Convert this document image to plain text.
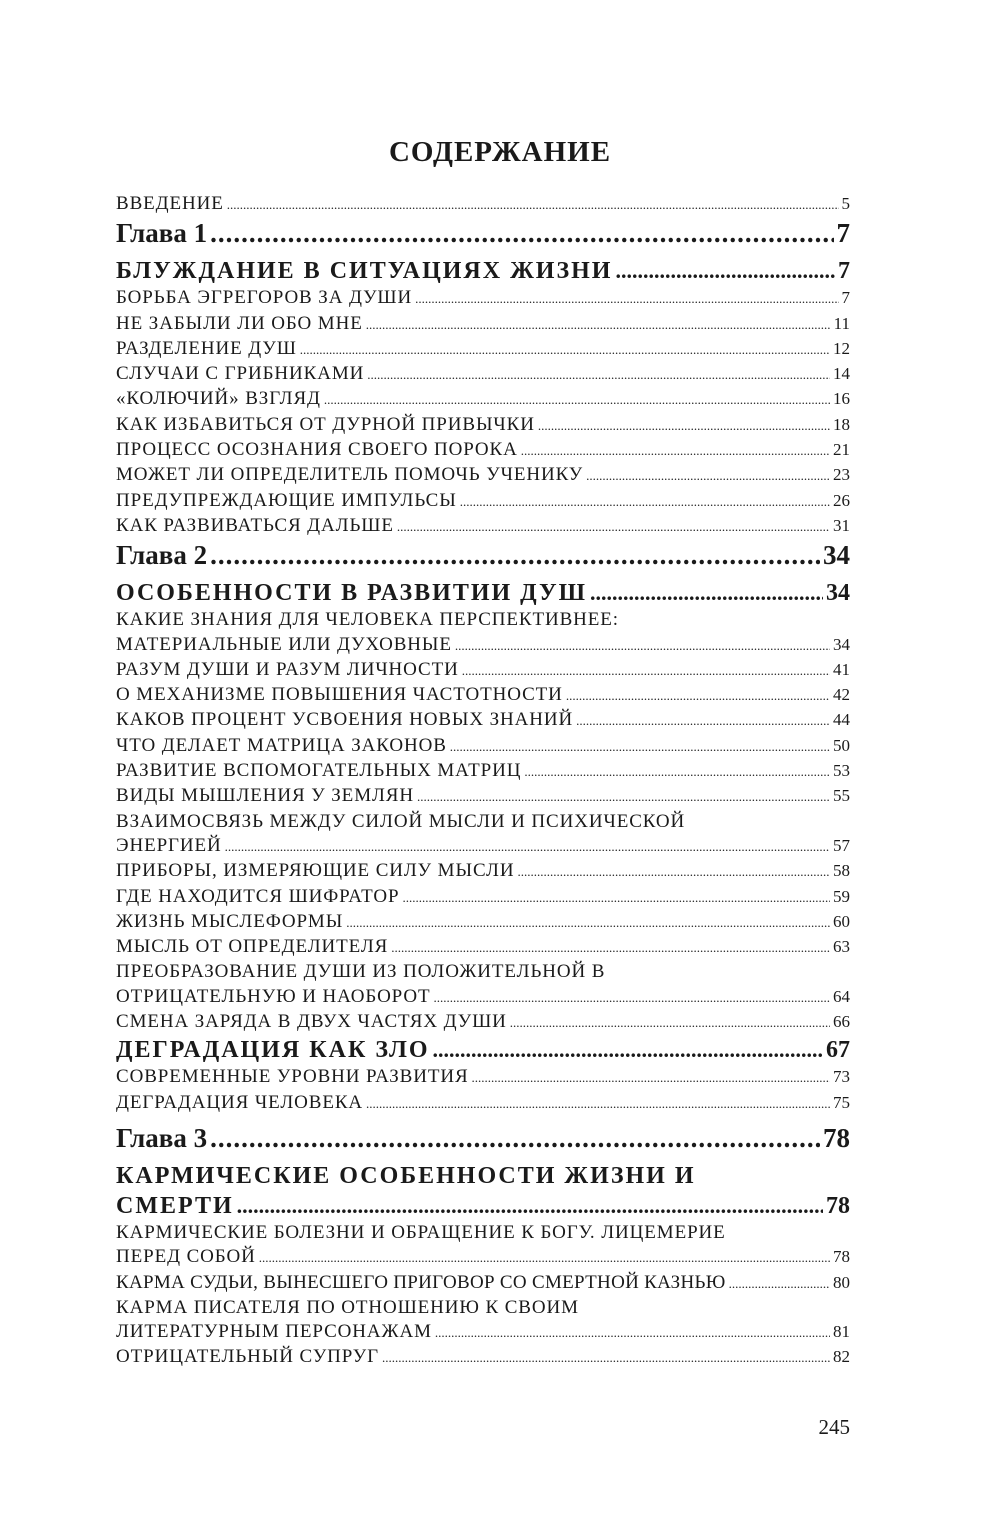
СОДЕРЖАНИЕ
ВВЕДЕНИЕ .....	5
Глава 1 .....	7
БЛУЖДАНИЕ В СИТУАЦИЯХ ЖИЗНИ .....	7
БОРЬБА ЭГРЕГОРОВ ЗА ДУШИ .....	7
НЕ ЗАБЫЛИ ЛИ ОБО МНЕ .....	11
РАЗДЕЛЕНИЕ ДУШ .....	12
СЛУЧАИ С ГРИБНИКАМИ .....	14
«КОЛЮЧИЙ» ВЗГЛЯД .....	16
КАК ИЗБАВИТЬСЯ ОТ ДУРНОЙ ПРИВЫЧКИ .....	18
ПРОЦЕСС ОСОЗНАНИЯ СВОЕГО ПОРОКА .....	21
МОЖЕТ ЛИ ОПРЕДЕЛИТЕЛЬ ПОМОЧЬ УЧЕНИКУ .....	23
ПРЕДУПРЕЖДАЮЩИЕ ИМПУЛЬСЫ .....	26
КАК РАЗВИВАТЬСЯ ДАЛЬШЕ .....	31
Глава 2 .....	34
ОСОБЕННОСТИ В РАЗВИТИИ ДУШ .....	34
КАКИЕ ЗНАНИЯ ДЛЯ ЧЕЛОВЕКА ПЕРСПЕКТИВНЕЕ:
МАТЕРИАЛЬНЫЕ ИЛИ ДУХОВНЫЕ .....	34
РАЗУМ ДУШИ И РАЗУМ ЛИЧНОСТИ .....	41
О МЕХАНИЗМЕ ПОВЫШЕНИЯ ЧАСТОТНОСТИ .....	42
КАКОВ ПРОЦЕНТ УСВОЕНИЯ НОВЫХ ЗНАНИЙ .....	44
ЧТО ДЕЛАЕТ МАТРИЦА ЗАКОНОВ .....	50
РАЗВИТИЕ ВСПОМОГАТЕЛЬНЫХ МАТРИЦ .....	53
ВИДЫ МЫШЛЕНИЯ У ЗЕМЛЯН .....	55
ВЗАИМОСВЯЗЬ МЕЖДУ СИЛОЙ МЫСЛИ И ПСИХИЧЕСКОЙ
ЭНЕРГИЕЙ .....	57
ПРИБОРЫ, ИЗМЕРЯЮЩИЕ СИЛУ МЫСЛИ .....	58
ГДЕ НАХОДИТСЯ ШИФРАТОР .....	59
ЖИЗНЬ МЫСЛЕФОРМЫ .....	60
МЫСЛЬ ОТ ОПРЕДЕЛИТЕЛЯ .....	63
ПРЕОБРАЗОВАНИЕ ДУШИ ИЗ ПОЛОЖИТЕЛЬНОЙ В
ОТРИЦАТЕЛЬНУЮ И НАОБОРОТ .....	64
СМЕНА ЗАРЯДА В ДВУХ ЧАСТЯХ ДУШИ .....	66
ДЕГРАДАЦИЯ КАК ЗЛО .....	67
СОВРЕМЕННЫЕ УРОВНИ РАЗВИТИЯ .....	73
ДЕГРАДАЦИЯ ЧЕЛОВЕКА .....	75
Глава 3 .....	78
КАРМИЧЕСКИЕ ОСОБЕННОСТИ ЖИЗНИ И
СМЕРТИ .....	78
КАРМИЧЕСКИЕ БОЛЕЗНИ И ОБРАЩЕНИЕ К БОГУ. ЛИЦЕМЕРИЕ
ПЕРЕД СОБОЙ .....	78
КАРМА СУДЬИ, ВЫНЕСШЕГО ПРИГОВОР СО СМЕРТНОЙ КАЗНЬЮ .....	80
КАРМА ПИСАТЕЛЯ ПО ОТНОШЕНИЮ К СВОИМ
ЛИТЕРАТУРНЫМ ПЕРСОНАЖАМ .....	81
ОТРИЦАТЕЛЬНЫЙ СУПРУГ .....	82
245
